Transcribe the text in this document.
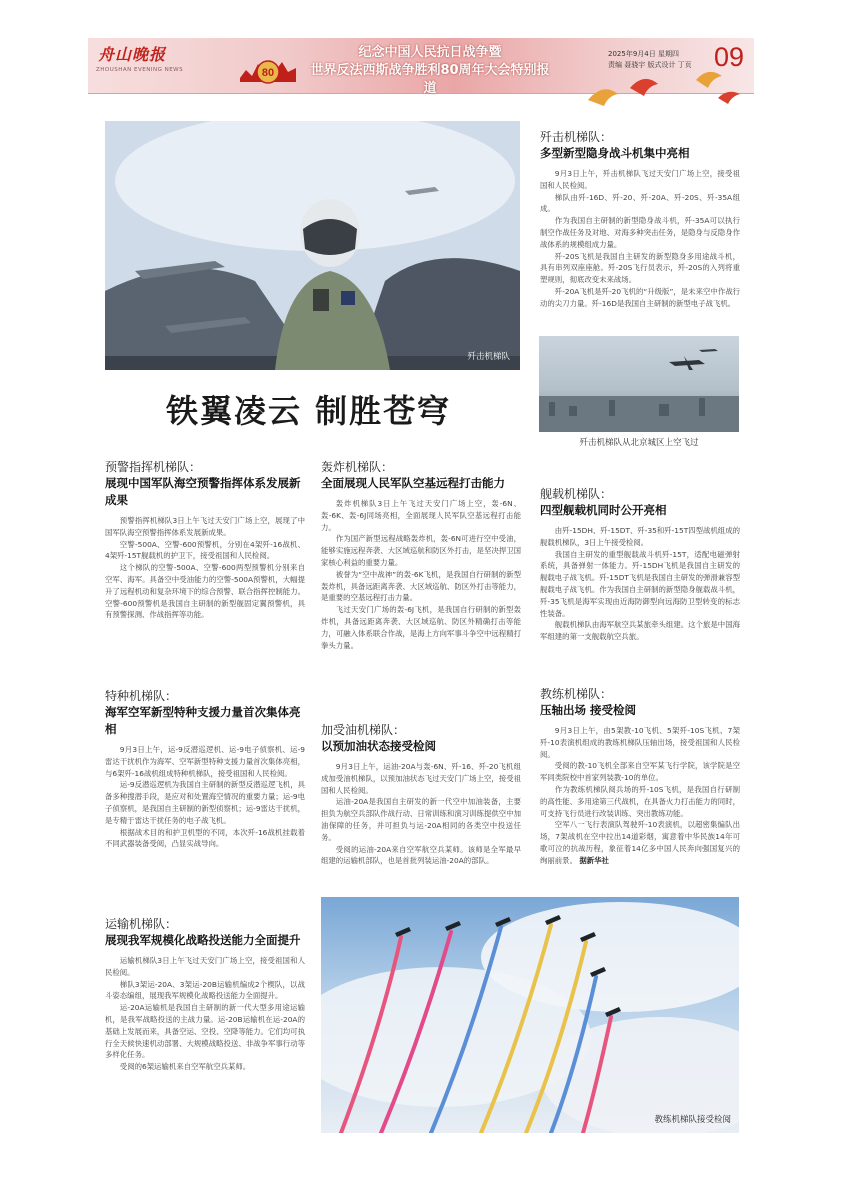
舟山晚报
ZHOUSHAN EVENING NEWS	80
纪念中国人民抗日战争暨
世界反法西斯战争胜利80周年大会特别报道
2025年9月4日 星期四
责编 聂骁宇 版式设计 丁页 09
歼击机梯队
铁翼凌云 制胜苍穹
歼击机梯队：
多型新型隐身战斗机集中亮相

9月3日上午，歼击机梯队飞过天安门广场上空，接受祖国和人民检阅。

梯队由歼-16D、歼-20、歼-20A、歼-20S、歼-35A组成。

作为我国自主研制的新型隐身战斗机，歼-35A可以执行制空作战任务及对地、对海多种突击任务，是隐身与反隐身作战体系的规模组成力量。

歼-20S飞机是我国自主研发的新型隐身多用途战斗机，具有串列双座座舱。歼-20S飞行员表示，歼-20S的入列将重塑规则，彻底改变未来战场。

歼-20A飞机是歼-20飞机的“升级版”，是未来空中作战行动的尖刀力量。歼-16D是我国自主研制的新型电子战飞机。

歼击机梯队从北京城区上空飞过
预警指挥机梯队：
展现中国军队海空预警指挥体系发展新成果

预警指挥机梯队3日上午飞过天安门广场上空，展现了中国军队海空预警指挥体系发展新成果。

空警-500A、空警-600预警机，分别在4架歼-16战机、4架歼-15T舰载机的护卫下，接受祖国和人民检阅。

这个梯队的空警-500A、空警-600两型预警机分别来自空军、海军。具备空中受油能力的空警-500A预警机，大幅提升了远程机动和复杂环境下的综合预警、联合指挥控制能力。空警-600预警机是我国自主研制的新型舰固定翼预警机，具有预警探测、作战指挥等功能。

特种机梯队：
海军空军新型特种支援力量首次集体亮相

9月3日上午，运-9反潜巡逻机、运-9电子侦察机、运-9雷达干扰机作为海军、空军新型特种支援力量首次集体亮相，与6架歼-16战机组成特种机梯队，接受祖国和人民检阅。

运-9反潜巡逻机为我国自主研制的新型反潜巡逻飞机，具备多种搜潜手段，是应对和处置海空情况的重要力量；运-9电子侦察机，是我国自主研制的新型侦察机；运-9雷达干扰机，是专精于雷达干扰任务的电子战飞机。

根据战术目的和护卫机型的不同，本次歼-16战机挂载着不同武器装备受阅，凸显实战导向。

运输机梯队：
展现我军规模化战略投送能力全面提升

运输机梯队3日上午飞过天安门广场上空，接受祖国和人民检阅。

梯队3架运-20A、3架运-20B运输机编成2个楔队，以战斗姿态编组，展现我军规模化战略投送能力全面提升。

运-20A运输机是我国自主研制的新一代大型多用途运输机，是我军战略投送的主战力量。运-20B运输机在运-20A的基础上发展而来，具备空运、空投、空降等能力。它们均可执行全天候快速机动部署、大规模战略投送、非战争军事行动等多样化任务。

受阅的6架运输机来自空军航空兵某师。

轰炸机梯队：
全面展现人民军队空基远程打击能力

轰炸机梯队3日上午飞过天安门广场上空，轰-6N、轰-6K、轰-6J同场亮相，全面展现人民军队空基远程打击能力。

作为国产新型远程战略轰炸机，轰-6N可进行空中受油，能够实施远程奔袭、大区域巡航和防区外打击，是坚决捍卫国家核心利益的重要力量。

被誉为“空中战神”的轰-6K飞机，是我国自行研制的新型轰炸机，具备远距离奔袭、大区域巡航、防区外打击等能力，是重要的空基远程打击力量。

飞过天安门广场的轰-6J飞机，是我国自行研制的新型轰炸机，具备远距离奔袭、大区域巡航、防区外精确打击等能力，可融入体系联合作战，是海上方向军事斗争空中远程精打拳头力量。

加受油机梯队：
以预加油状态接受检阅

9月3日上午，运油-20A与轰-6N、歼-16、歼-20飞机组成加受油机梯队，以预加油状态飞过天安门广场上空，接受祖国和人民检阅。

运油-20A是我国自主研发的新一代空中加油装备，主要担负为航空兵部队作战行动、日常训练和演习训练提供空中加油保障的任务，并可担负与运-20A相同的各类空中投送任务。

受阅的运油-20A来自空军航空兵某师。该师是全军最早组建的运输机部队，也是首批列装运油-20A的部队。

舰载机梯队：
四型舰载机同时公开亮相

由歼-15DH、歼-15DT、歼-35和歼-15T四型战机组成的舰载机梯队，3日上午接受检阅。

我国自主研发的重型舰载战斗机歼-15T，适配电磁弹射系统，具备弹射一体能力。歼-15DH飞机是我国自主研发的舰载电子战飞机。歼-15DT飞机是我国自主研发的弹滑兼容型舰载电子战飞机。作为我国自主研制的新型隐身舰载战斗机，歼-35飞机是海军实现由近海防御型向远海防卫型转变的标志性装备。

舰载机梯队由海军航空兵某旅牵头组建。这个旅是中国海军组建的第一支舰载航空兵旅。

教练机梯队：
压轴出场 接受检阅

9月3日上午，由5架教-10飞机、5架歼-10S飞机、7架歼-10表演机组成的教练机梯队压轴出场，接受祖国和人民检阅。

受阅的教-10飞机全部来自空军某飞行学院，该学院是空军同类院校中首家列装教-10的单位。

作为教练机梯队阅兵场的歼-10S飞机，是我国自行研制的高性能、多用途第三代战机，在具备火力打击能力的同时，可支持飞行员进行改装训练、突出教练功能。

空军八一飞行表演队驾驶歼-10表演机，以超密集编队出场，7架战机在空中拉出14道彩烟，寓意着中华民族14年可歌可泣的抗战历程，象征着14亿多中国人民奔向强国复兴的绚丽前景。 据新华社

教练机梯队接受检阅
